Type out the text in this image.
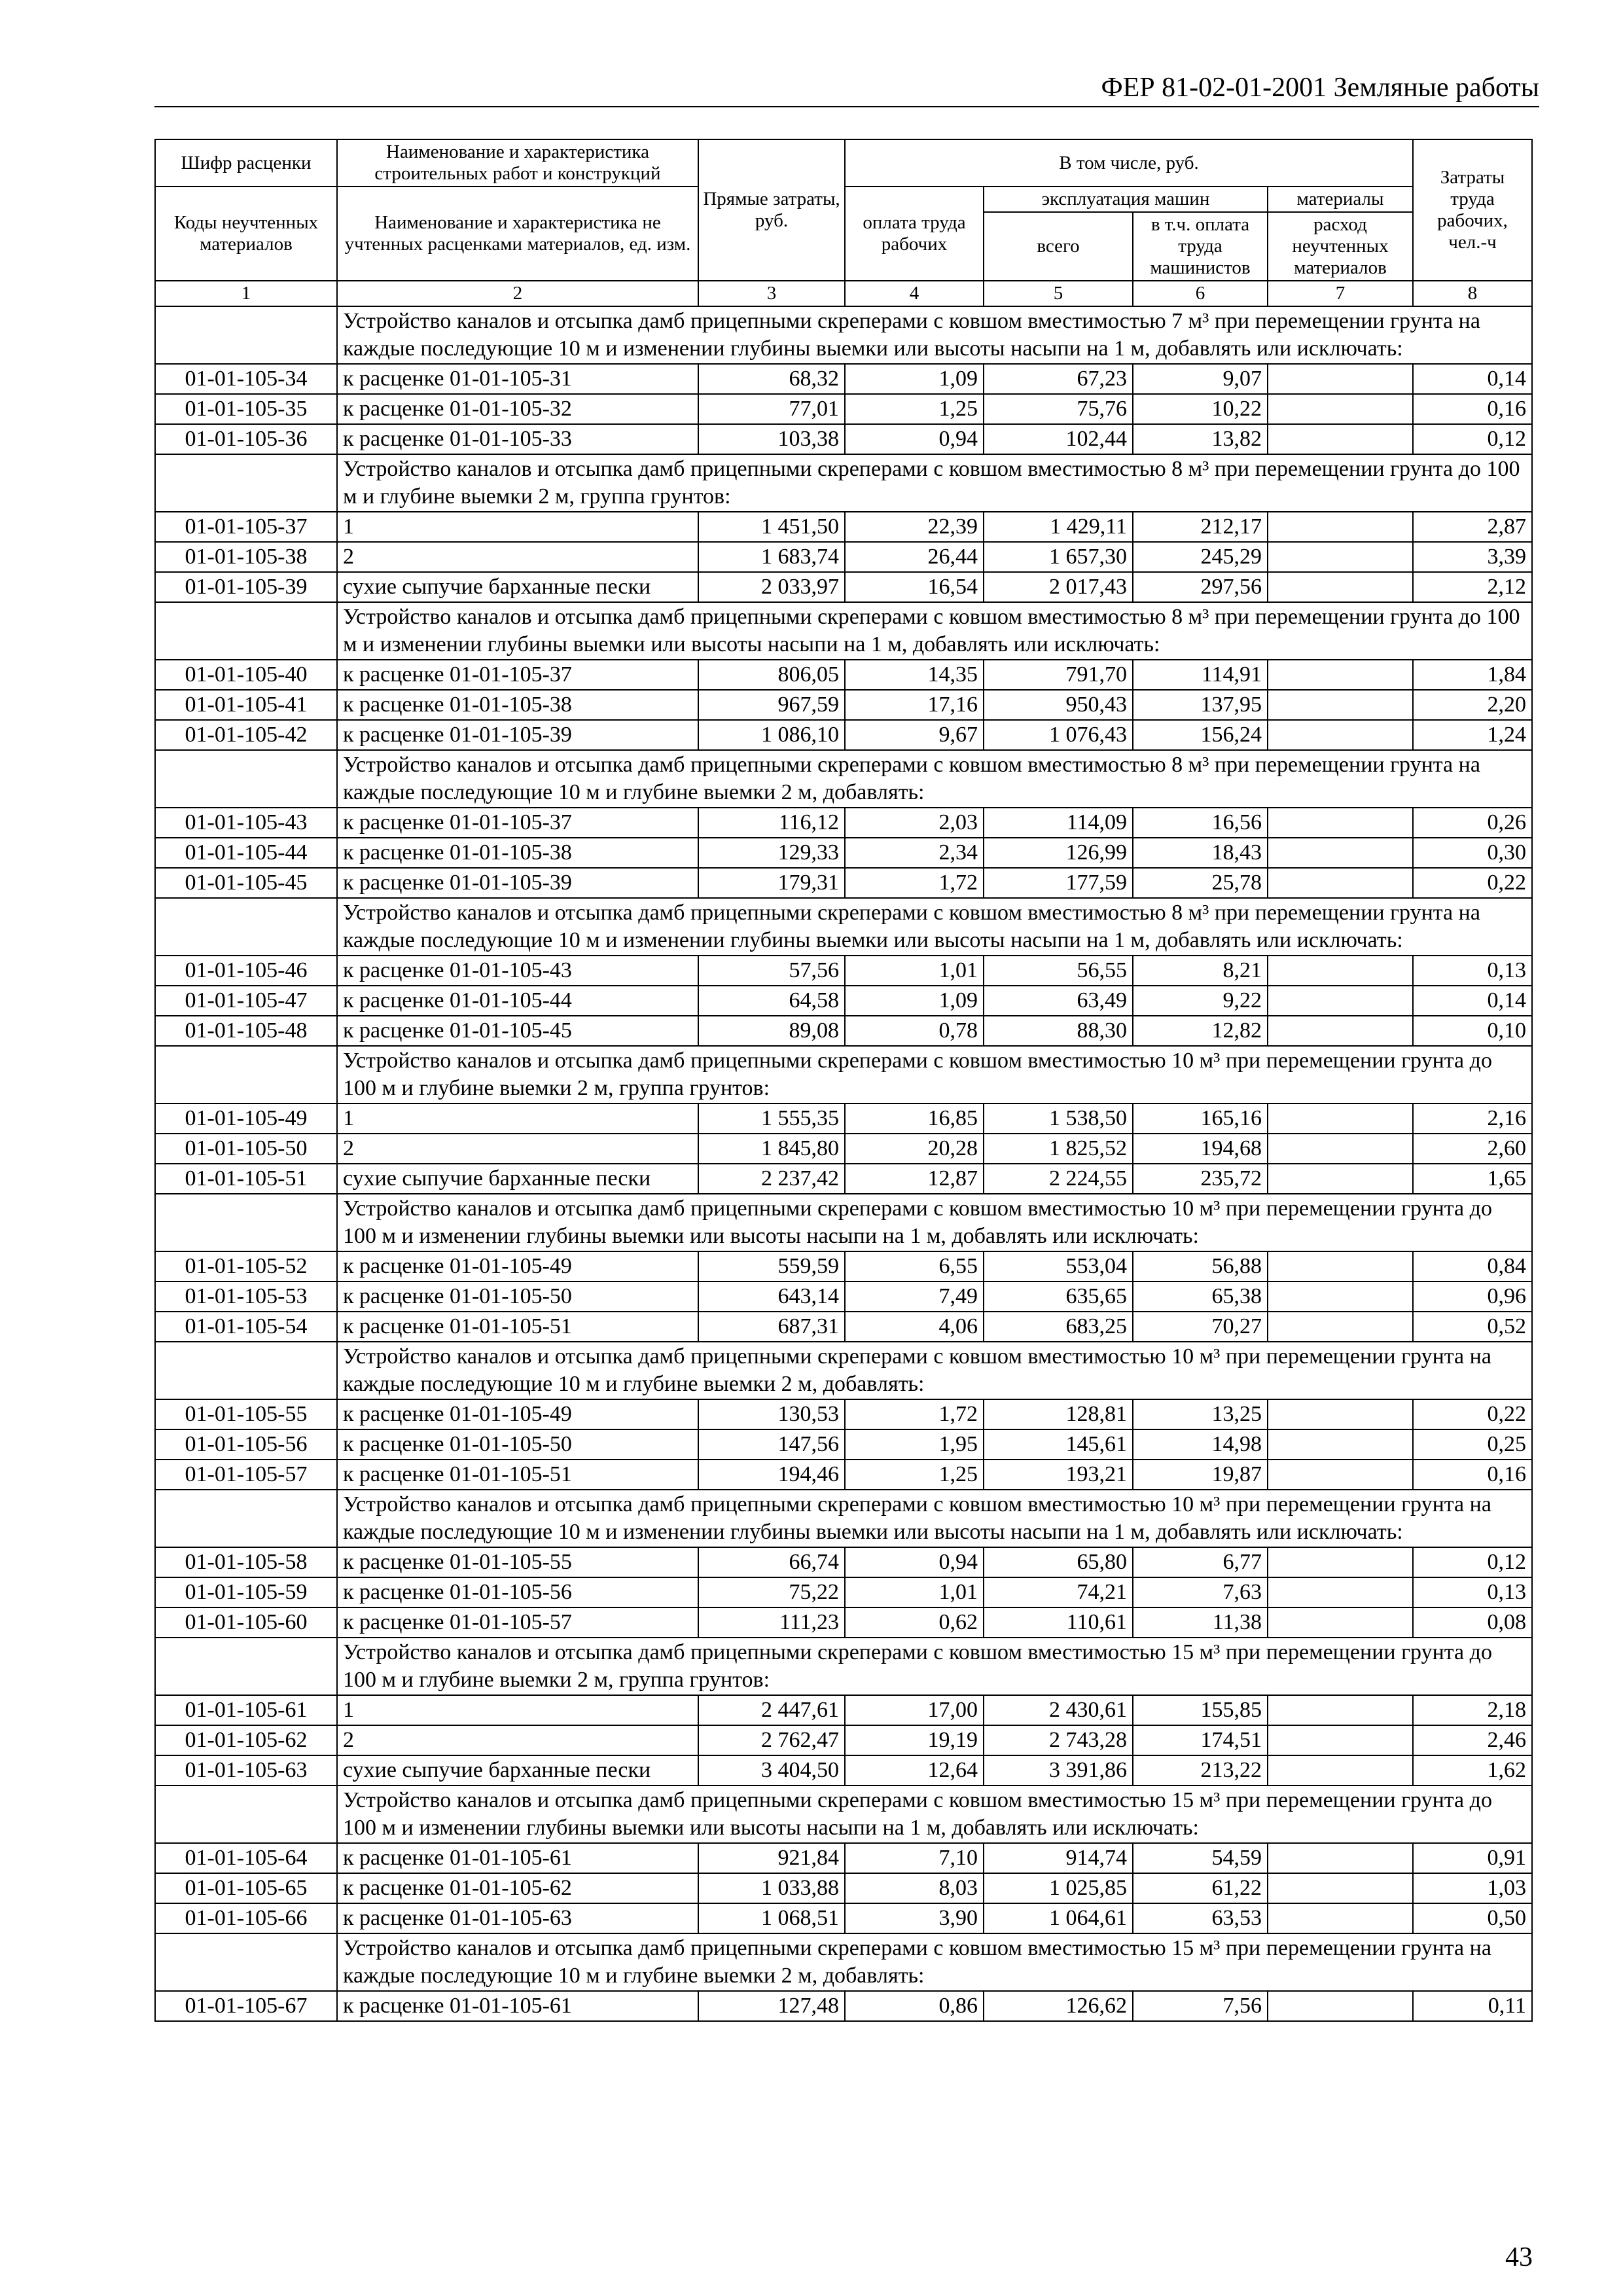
ФЕР 81-02-01-2001 Земляные работы
Шифр расценки	Наименование и характеристика строительных работ и конструкций	Прямые затраты, руб.	В том числе, руб.				Затраты труда рабочих, чел.-ч
Коды неучтенных материалов	Наименование и характеристика не учтенных расценками материалов, ед. изм.						
			оплата труда рабочих	эксплуатация машин		материалы	
				всего	в т.ч. оплата труда машинистов	расход неучтенных материалов	
1	2	3	4	5	6	7	8
	Устройство каналов и отсыпка дамб прицепными скреперами с ковшом вместимостью 7 м³ при перемещении грунта на каждые последующие 10 м и изменении глубины выемки или высоты насыпи на 1 м, добавлять или исключать:						
01-01-105-34	к расценке 01-01-105-31	68,32	1,09	67,23	9,07		0,14
01-01-105-35	к расценке 01-01-105-32	77,01	1,25	75,76	10,22		0,16
01-01-105-36	к расценке 01-01-105-33	103,38	0,94	102,44	13,82		0,12
	Устройство каналов и отсыпка дамб прицепными скреперами с ковшом вместимостью 8 м³ при перемещении грунта до 100 м и глубине выемки 2 м, группа грунтов:						
01-01-105-37	1	1 451,50	22,39	1 429,11	212,17		2,87
01-01-105-38	2	1 683,74	26,44	1 657,30	245,29		3,39
01-01-105-39	сухие сыпучие барханные пески	2 033,97	16,54	2 017,43	297,56		2,12
	Устройство каналов и отсыпка дамб прицепными скреперами с ковшом вместимостью 8 м³ при перемещении грунта до 100 м и изменении глубины выемки или высоты насыпи на 1 м, добавлять или исключать:						
01-01-105-40	к расценке 01-01-105-37	806,05	14,35	791,70	114,91		1,84
01-01-105-41	к расценке 01-01-105-38	967,59	17,16	950,43	137,95		2,20
01-01-105-42	к расценке 01-01-105-39	1 086,10	9,67	1 076,43	156,24		1,24
	Устройство каналов и отсыпка дамб прицепными скреперами с ковшом вместимостью 8 м³ при перемещении грунта на каждые последующие 10 м и глубине выемки 2 м, добавлять:						
01-01-105-43	к расценке 01-01-105-37	116,12	2,03	114,09	16,56		0,26
01-01-105-44	к расценке 01-01-105-38	129,33	2,34	126,99	18,43		0,30
01-01-105-45	к расценке 01-01-105-39	179,31	1,72	177,59	25,78		0,22
	Устройство каналов и отсыпка дамб прицепными скреперами с ковшом вместимостью 8 м³ при перемещении грунта на каждые последующие 10 м и изменении глубины выемки или высоты насыпи на 1 м, добавлять или исключать:						
01-01-105-46	к расценке 01-01-105-43	57,56	1,01	56,55	8,21		0,13
01-01-105-47	к расценке 01-01-105-44	64,58	1,09	63,49	9,22		0,14
01-01-105-48	к расценке 01-01-105-45	89,08	0,78	88,30	12,82		0,10
	Устройство каналов и отсыпка дамб прицепными скреперами с ковшом вместимостью 10 м³ при перемещении грунта до 100 м и глубине выемки 2 м, группа грунтов:						
01-01-105-49	1	1 555,35	16,85	1 538,50	165,16		2,16
01-01-105-50	2	1 845,80	20,28	1 825,52	194,68		2,60
01-01-105-51	сухие сыпучие барханные пески	2 237,42	12,87	2 224,55	235,72		1,65
	Устройство каналов и отсыпка дамб прицепными скреперами с ковшом вместимостью 10 м³ при перемещении грунта до 100 м и изменении глубины выемки или высоты насыпи на 1 м, добавлять или исключать:						
01-01-105-52	к расценке 01-01-105-49	559,59	6,55	553,04	56,88		0,84
01-01-105-53	к расценке 01-01-105-50	643,14	7,49	635,65	65,38		0,96
01-01-105-54	к расценке 01-01-105-51	687,31	4,06	683,25	70,27		0,52
	Устройство каналов и отсыпка дамб прицепными скреперами с ковшом вместимостью 10 м³ при перемещении грунта на каждые последующие 10 м и глубине выемки 2 м, добавлять:						
01-01-105-55	к расценке 01-01-105-49	130,53	1,72	128,81	13,25		0,22
01-01-105-56	к расценке 01-01-105-50	147,56	1,95	145,61	14,98		0,25
01-01-105-57	к расценке 01-01-105-51	194,46	1,25	193,21	19,87		0,16
	Устройство каналов и отсыпка дамб прицепными скреперами с ковшом вместимостью 10 м³ при перемещении грунта на каждые последующие 10 м и изменении глубины выемки или высоты насыпи на 1 м, добавлять или исключать:						
01-01-105-58	к расценке 01-01-105-55	66,74	0,94	65,80	6,77		0,12
01-01-105-59	к расценке 01-01-105-56	75,22	1,01	74,21	7,63		0,13
01-01-105-60	к расценке 01-01-105-57	111,23	0,62	110,61	11,38		0,08
	Устройство каналов и отсыпка дамб прицепными скреперами с ковшом вместимостью 15 м³ при перемещении грунта до 100 м и глубине выемки 2 м, группа грунтов:						
01-01-105-61	1	2 447,61	17,00	2 430,61	155,85		2,18
01-01-105-62	2	2 762,47	19,19	2 743,28	174,51		2,46
01-01-105-63	сухие сыпучие барханные пески	3 404,50	12,64	3 391,86	213,22		1,62
	Устройство каналов и отсыпка дамб прицепными скреперами с ковшом вместимостью 15 м³ при перемещении грунта до 100 м и изменении глубины выемки или высоты насыпи на 1 м, добавлять или исключать:						
01-01-105-64	к расценке 01-01-105-61	921,84	7,10	914,74	54,59		0,91
01-01-105-65	к расценке 01-01-105-62	1 033,88	8,03	1 025,85	61,22		1,03
01-01-105-66	к расценке 01-01-105-63	1 068,51	3,90	1 064,61	63,53		0,50
	Устройство каналов и отсыпка дамб прицепными скреперами с ковшом вместимостью 15 м³ при перемещении грунта на каждые последующие 10 м и глубине выемки 2 м, добавлять:						
01-01-105-67	к расценке 01-01-105-61	127,48	0,86	126,62	7,56		0,11
43
